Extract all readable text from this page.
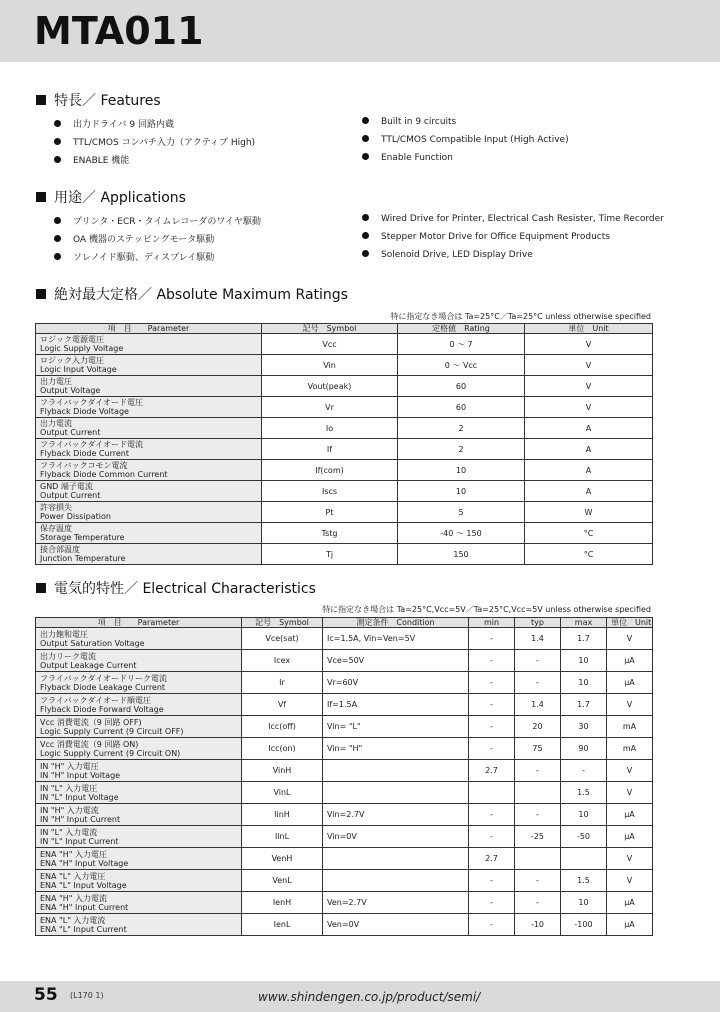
MTA011
特長／ Features
出力ドライバ 9 回路内蔵
TTL/CMOS コンパチ入力（アクティブ High)
ENABLE 機能
Built in 9 circuits
TTL/CMOS Compatible Input (High Active)
Enable Function
用途／ Applications
プリンタ・ECR・タイムレコーダのワイヤ駆動
OA 機器のステッピングモータ駆動
ソレノイド駆動、ディスプレイ駆動
Wired Drive for Printer, Electrical Cash Resister, Time Recorder
Stepper Motor Drive for Office Equipment Products
Solenoid Drive, LED Display Drive
絶対最大定格／ Absolute Maximum Ratings
特に指定なき場合は Ta=25°C／Ta=25°C unless otherwise specified
項　目　　Parameter	記号　Symbol	定格値　Rating	単位　Unit

ロジック電源電圧
Logic Supply Voltage	Vcc	0 ～ 7	V

ロジック入力電圧
Logic Input Voltage	Vin	0 ～ Vcc	V

出力電圧
Output Voltage	Vout(peak)	60	V

フライバックダイオード電圧
Flyback Diode Voltage	Vr	60	V

出力電流
Output Current	Io	2	A

フライバックダイオード電流
Flyback Diode Current	If	2	A

フライバックコモン電流
Flyback Diode Common Current	If(com)	10	A

GND 端子電流
Output Current	Iscs	10	A

許容損失
Power Dissipation	Pt	5	W

保存温度
Storage Temperature	Tstg	-40 ～ 150	°C

接合部温度
Junction Temperature	Tj	150	°C
電気的特性／ Electrical Characteristics
特に指定なき場合は Ta=25°C,Vcc=5V／Ta=25°C,Vcc=5V unless otherwise specified
項　目　　Parameter	記号　Symbol	測定条件　Condition	min	typ	max	単位　Unit

出力飽和電圧
Output Saturation Voltage	Vce(sat)	Ic=1.5A, Vin=Ven=5V	-	1.4	1.7	V

出力リーク電流
Output Leakage Current	Icex	Vce=50V	-	-	10	μA

フライバックダイオードリーク電流
Flyback Diode Leakage Current	Ir	Vr=60V	-	-	10	μA

フライバックダイオード順電圧
Flyback Diode Forward Voltage	Vf	If=1.5A	-	1.4	1.7	V

Vcc 消費電流（9 回路 OFF)
Logic Supply Current (9 Circuit OFF)	Icc(off)	Vin= "L"	-	20	30	mA

Vcc 消費電流（9 回路 ON)
Logic Supply Current (9 Circuit ON)	Icc(on)	Vin= "H"	-	75	90	mA

IN "H" 入力電圧
IN "H" Input Voltage	VinH		2.7	-	-	V

IN "L" 入力電圧
IN "L" Input Voltage	VinL				1.5	V

IN "H" 入力電流
IN "H" Input Current	IinH	Vin=2.7V	-	-	10	μA

IN "L" 入力電流
IN "L" Input Current	IinL	Vin=0V	-	-25	-50	μA

ENA "H" 入力電圧
ENA "H" Input Voltage	VenH		2.7			V

ENA "L" 入力電圧
ENA "L" Input Voltage	VenL		-	-	1.5	V

ENA "H" 入力電流
ENA "H" Input Current	IenH	Ven=2.7V	-	-	10	μA

ENA "L" 入力電流
ENA "L" Input Current	IenL	Ven=0V	-	-10	-100	μA
55 (L170 1)	www.shindengen.co.jp/product/semi/
